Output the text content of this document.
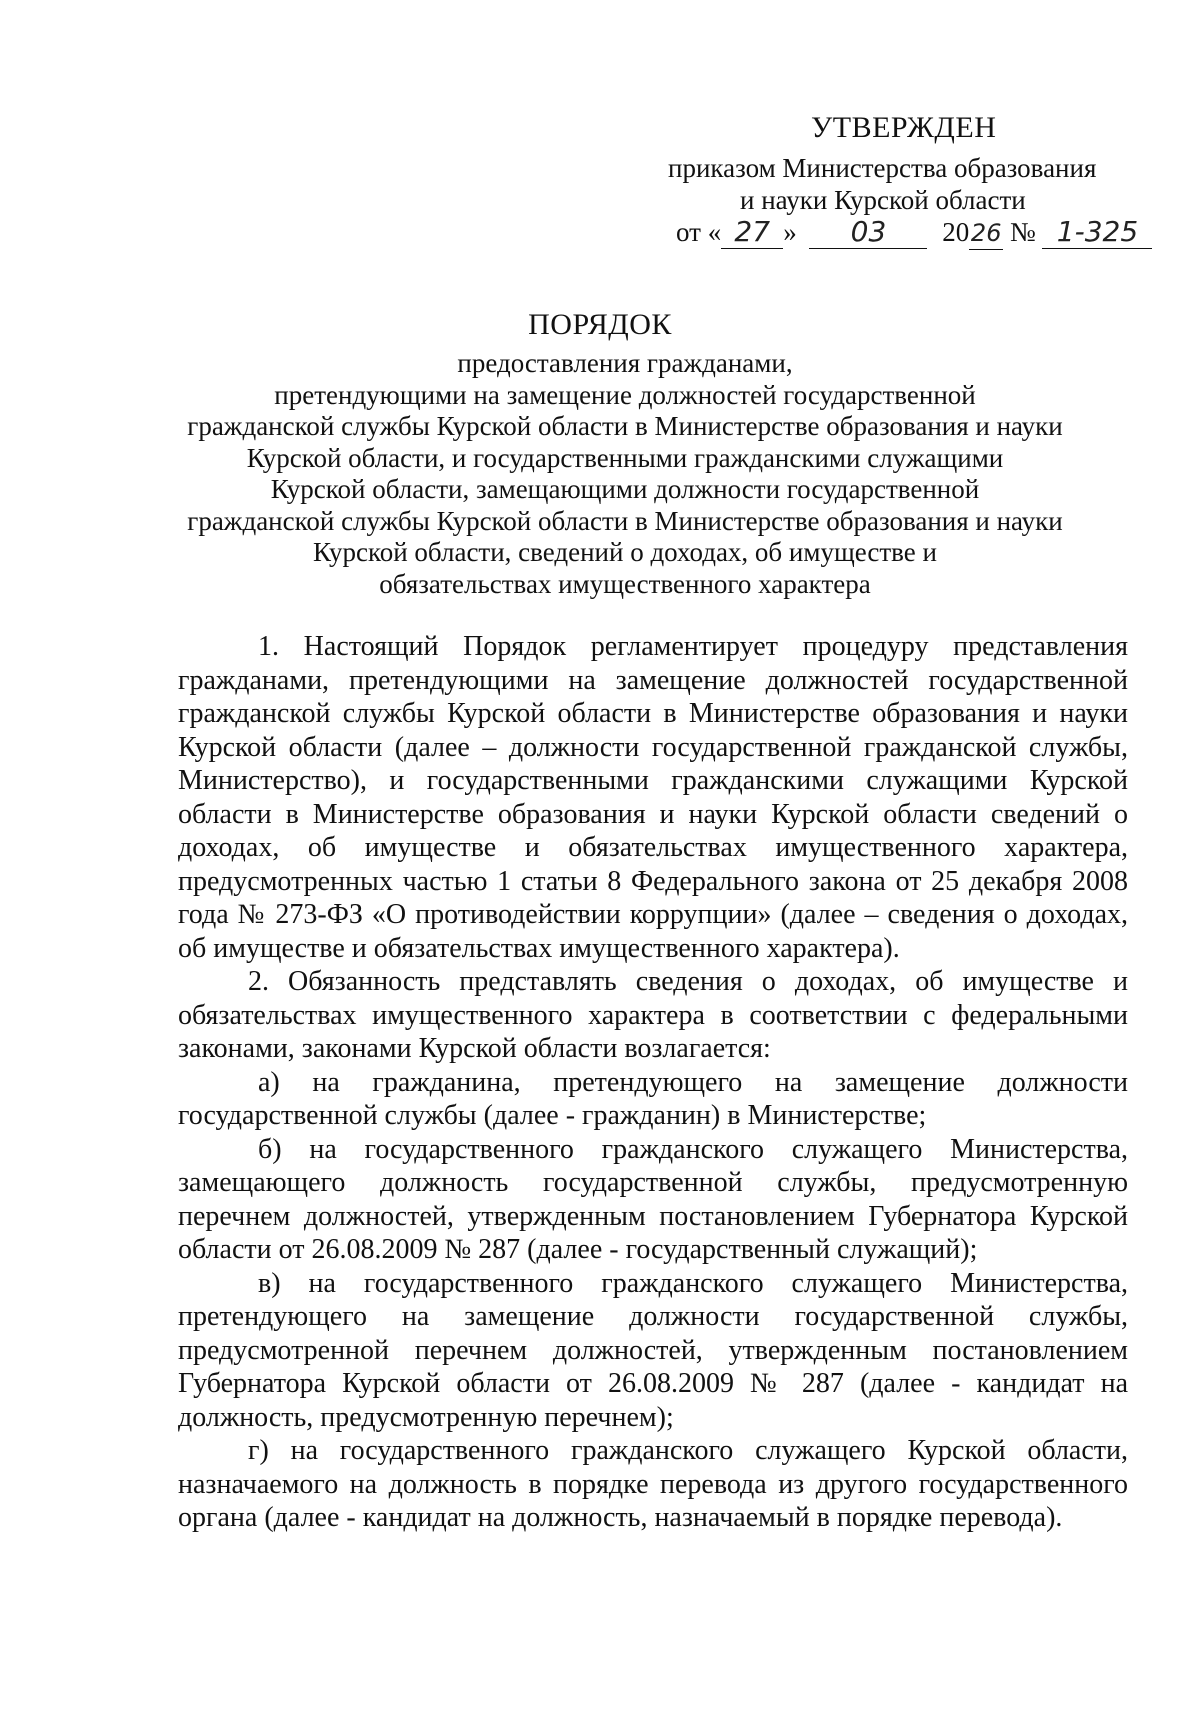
УТВЕРЖДЕН
приказом Министерства образования
и науки Курской области
от « 27 » 03 2026 № 1-325
ПОРЯДОК
предоставления гражданами,
претендующими на замещение должностей государственной
гражданской службы Курской области в Министерстве образования и науки
Курской области, и государственными гражданскими служащими
Курской области, замещающими должности государственной
гражданской службы Курской области в Министерстве образования и науки
Курской области, сведений о доходах, об имуществе и
обязательствах имущественного характера
1. Настоящий Порядок регламентирует процедуру представления
гражданами, претендующими на замещение должностей государственной
гражданской службы Курской области в Министерстве образования и науки
Курской области (далее – должности государственной гражданской службы,
Министерство), и государственными гражданскими служащими Курской
области в Министерстве образования и науки Курской области сведений о
доходах, об имуществе и обязательствах имущественного характера,
предусмотренных частью 1 статьи 8 Федерального закона от 25 декабря 2008
года № 273-ФЗ «О противодействии коррупции» (далее – сведения о доходах,
об имуществе и обязательствах имущественного характера).
2. Обязанность представлять сведения о доходах, об имуществе и
обязательствах имущественного характера в соответствии с федеральными
законами, законами Курской области возлагается:
а) на гражданина, претендующего на замещение должности
государственной службы (далее - гражданин) в Министерстве;
б) на государственного гражданского служащего Министерства,
замещающего должность государственной службы, предусмотренную
перечнем должностей, утвержденным постановлением Губернатора Курской
области от 26.08.2009 № 287 (далее - государственный служащий);
в) на государственного гражданского служащего Министерства,
претендующего на замещение должности государственной службы,
предусмотренной перечнем должностей, утвержденным постановлением
Губернатора Курской области от 26.08.2009 № 287 (далее - кандидат на
должность, предусмотренную перечнем);
г) на государственного гражданского служащего Курской области,
назначаемого на должность в порядке перевода из другого государственного
органа (далее - кандидат на должность, назначаемый в порядке перевода).
